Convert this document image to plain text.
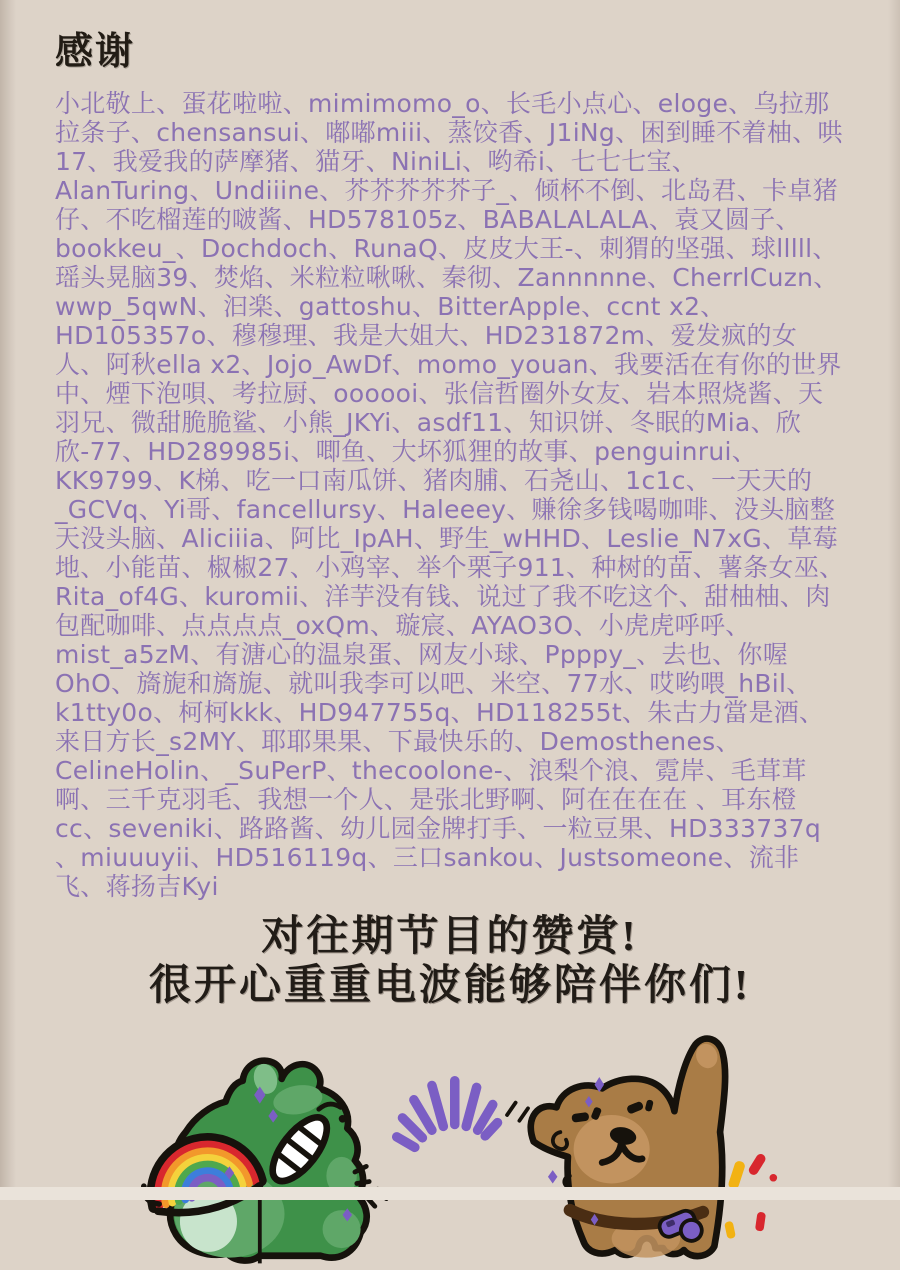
感谢

小北敬上、蛋花啦啦、mimimomo_o、长毛小点心、eloge、乌拉那拉条子、chensansui、嘟嘟miii、蒸饺香、J1iNg、困到睡不着柚、哄17、我爱我的萨摩猪、猫牙、NiniLi、哟希i、七七七宝、AlanTuring、Undiiine、芥芥芥芥芥子_、倾杯不倒、北岛君、卡卓猪仔、不吃榴莲的啵酱、HD578105z、BABALALALA、袁又圆子、bookkeu_、Dochdoch、RunaQ、皮皮大王-、刺猬的坚强、球lllll、瑶头晃脑39、焚焰、米粒粒啾啾、秦彻、Zannnnne、CherrlCuzn、wwp_5qwN、汩楽、gattoshu、BitterApple、ccnt x2、HD105357o、穆穆理、我是大姐大、HD231872m、爱发疯的女人、阿秋ella x2、Jojo_AwDf、momo_youan、我要活在有你的世界中、煙下泡唄、考拉厨、oooooi、张信哲圈外女友、岩本照烧酱、天羽兄、微甜脆脆鲨、小熊_JKYi、asdf11、知识饼、冬眠的Mia、欣欣-77、HD289985i、唧鱼、大坏狐狸的故事、penguinrui、KK9799、K梯、吃一口南瓜饼、猪肉脯、石尧山、1c1c、一天天的_GCVq、Yi哥、fancellursy、Haleeey、赚徐多钱喝咖啡、没头脑整天没头脑、Aliciiia、阿比_IpAH、野生_wHHD、Leslie_N7xG、草莓地、小能苗、椒椒27、小鸡宰、举个栗子911、种树的苗、薯条女巫、Rita_of4G、kuromii、洋芋没有钱、说过了我不吃这个、甜柚柚、肉包配咖啡、点点点点_oxQm、璇宸、AYAO3O、小虎虎呼呼、mist_a5zM、有溏心的温泉蛋、网友小球、Ppppy_、去也、你喔OhO、旖旎和旖旎、就叫我李可以吧、米空、77水、哎哟喂_hBil、k1tty0o、柯柯kkk、HD947755q、HD118255t、朱古力當是酒、来日方长_s2MY、耶耶果果、下最快乐的、Demosthenes、CelineHolin、_SuPerP、thecoolone-、浪梨个浪、霓岸、毛茸茸啊、三千克羽毛、我想一个人、是张北野啊、阿在在在在 、耳东橙cc、seveniki、路路酱、幼儿园金牌打手、一粒豆果、HD333737q 、miuuuyii、HD516119q、三口sankou、Justsomeone、流非飞、蒋扬吉Kyi

对往期节目的赞赏!
很开心重重电波能够陪伴你们!
